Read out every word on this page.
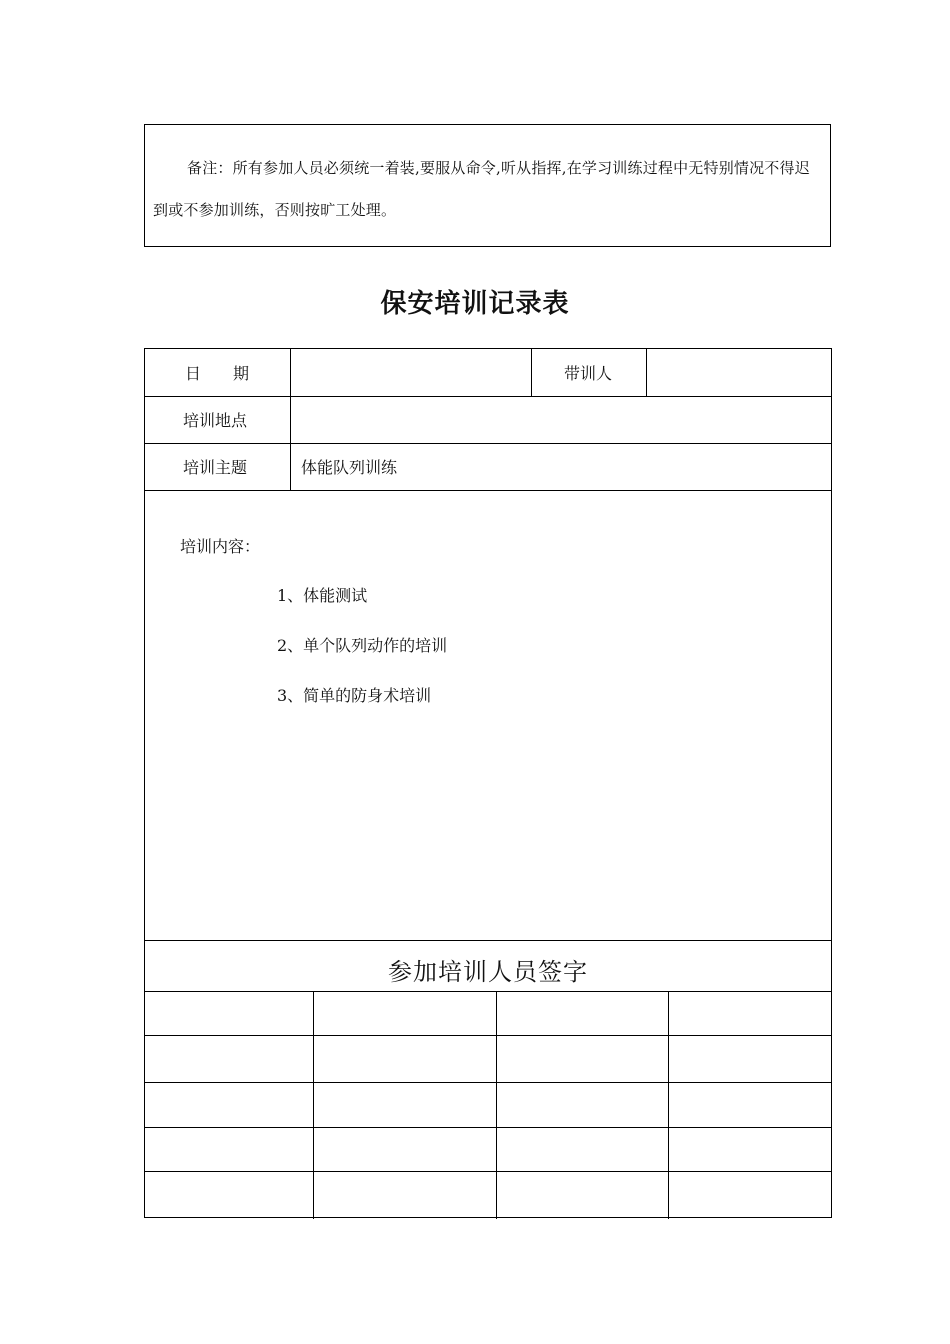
备注：所有参加人员必须统一着装,要服从命令,听从指挥,在学习训练过程中无特别情况不得迟到或不参加训练，否则按旷工处理。
保安培训记录表
日　　期	带训人
培训地点
培训主题	体能队列训练
培训内容：
1、体能测试
2、单个队列动作的培训
3、简单的防身术培训
参加培训人员签字
